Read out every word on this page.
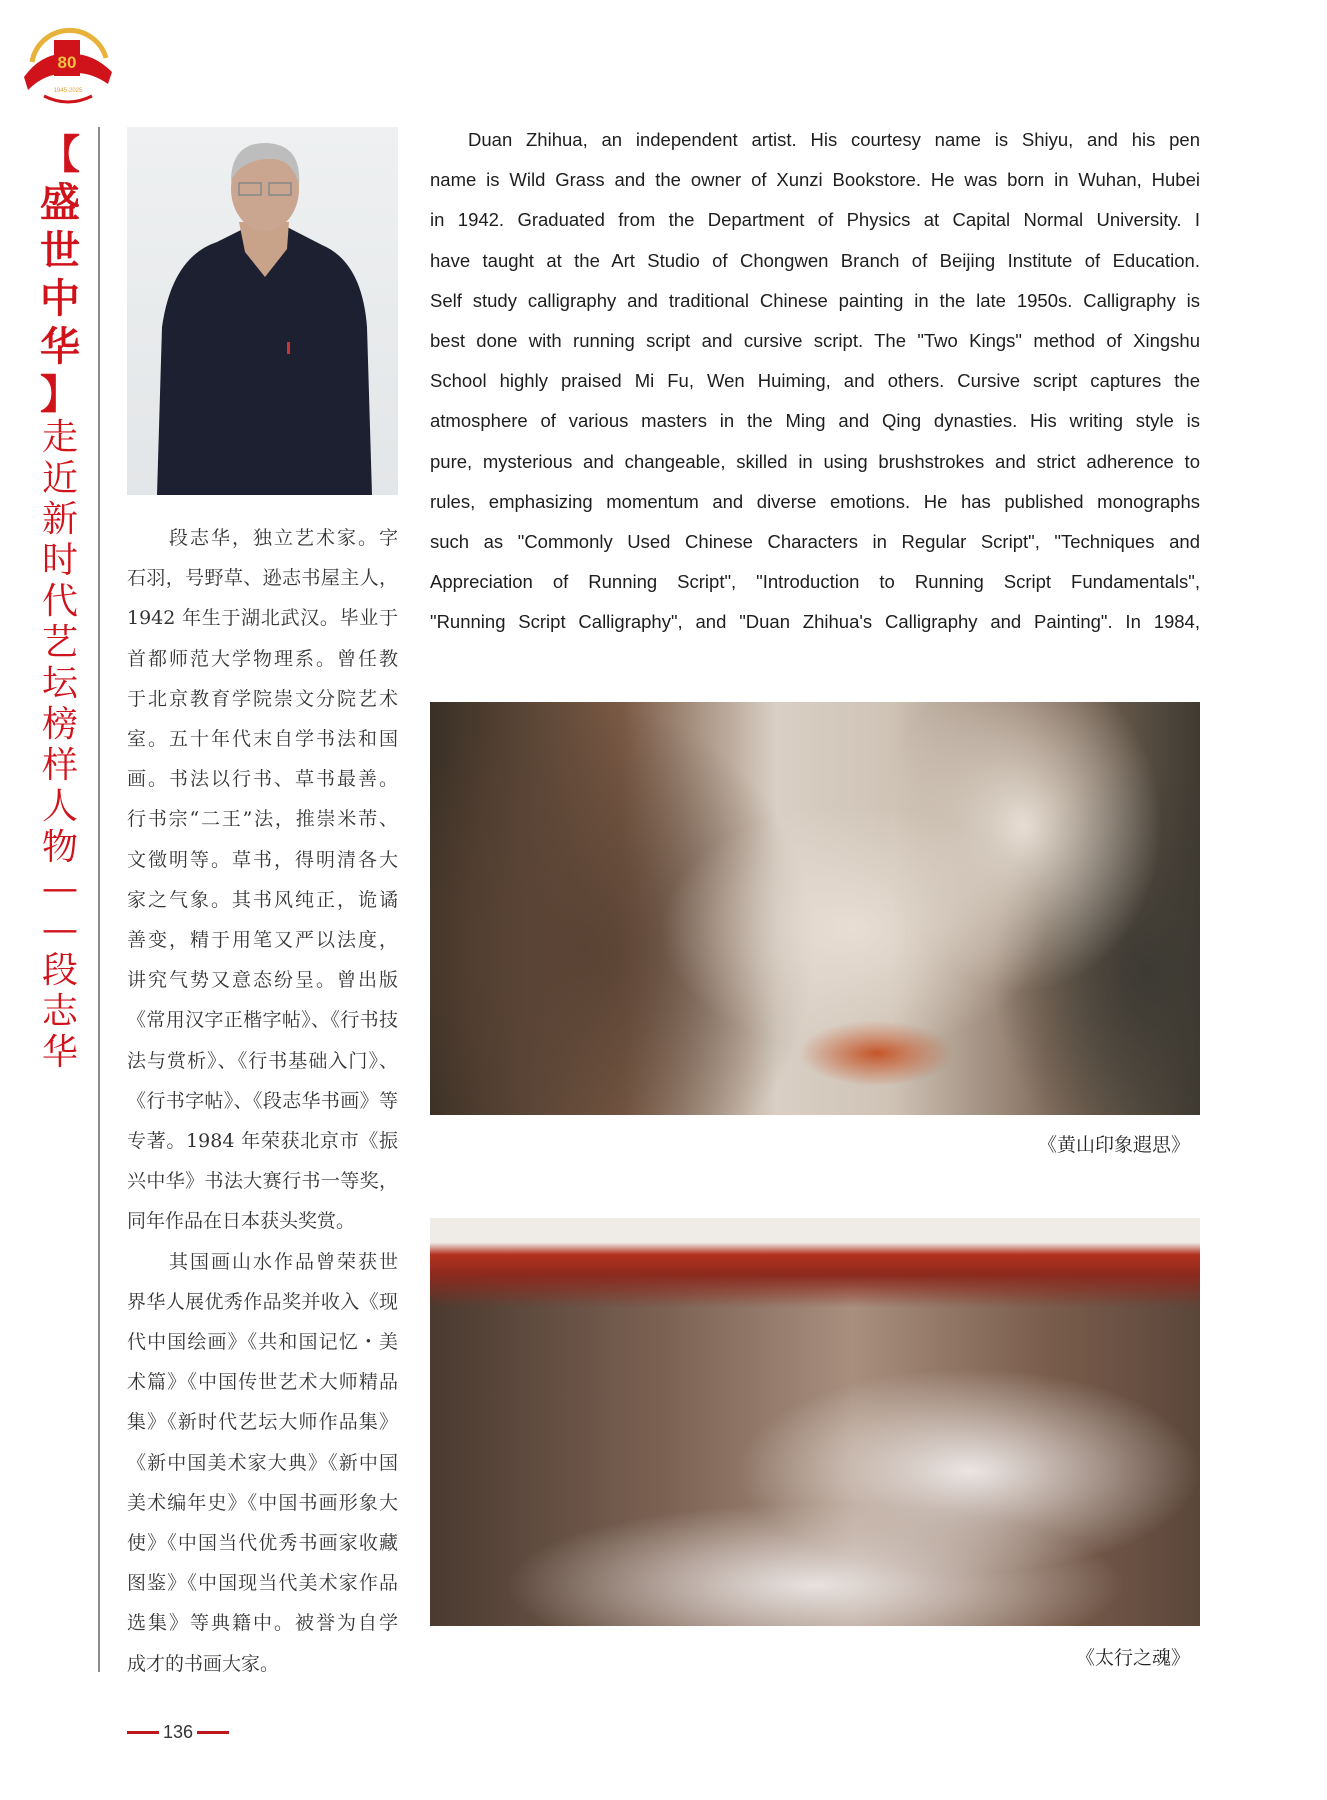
80
1945-2025
【
盛
世
中
华
】
走
近
新
时
代
艺
坛
榜
样
人
物
—
—
段
志
华
段志华，独立艺术家。字
石羽，号野草、逊志书屋主人，
1942 年生于湖北武汉。毕业于
首都师范大学物理系。曾任教
于北京教育学院崇文分院艺术
室。五十年代末自学书法和国
画。书法以行书、草书最善。
行书宗“二王”法，推崇米芾、
文徵明等。草书，得明清各大
家之气象。其书风纯正，诡谲
善变，精于用笔又严以法度，
讲究气势又意态纷呈。曾出版
《常用汉字正楷字帖》、《行书技
法与赏析》、《行书基础入门》、
《行书字帖》、《段志华书画》等
专著。1984 年荣获北京市《振
兴中华》书法大赛行书一等奖，
同年作品在日本获头奖赏。
其国画山水作品曾荣获世
界华人展优秀作品奖并收入《现
代中国绘画》《共和国记忆・美
术篇》《中国传世艺术大师精品
集》《新时代艺坛大师作品集》
《新中国美术家大典》《新中国
美术编年史》《中国书画形象大
使》《中国当代优秀书画家收藏
图鉴》《中国现当代美术家作品
选集》等典籍中。被誉为自学
成才的书画大家。
Duan Zhihua, an independent artist. His courtesy name is Shiyu, and his pen
name is Wild Grass and the owner of Xunzi Bookstore. He was born in Wuhan, Hubei
in 1942. Graduated from the Department of Physics at Capital Normal University. I
have taught at the Art Studio of Chongwen Branch of Beijing Institute of Education.
Self study calligraphy and traditional Chinese painting in the late 1950s. Calligraphy is
best done with running script and cursive script. The "Two Kings" method of Xingshu
School highly praised Mi Fu, Wen Huiming, and others. Cursive script captures the
atmosphere of various masters in the Ming and Qing dynasties. His writing style is
pure, mysterious and changeable, skilled in using brushstrokes and strict adherence to
rules, emphasizing momentum and diverse emotions. He has published monographs
such as "Commonly Used Chinese Characters in Regular Script", "Techniques and
Appreciation of Running Script", "Introduction to Running Script Fundamentals",
"Running Script Calligraphy", and "Duan Zhihua's Calligraphy and Painting". In 1984,
《黄山印象遐思》
《太行之魂》
136
